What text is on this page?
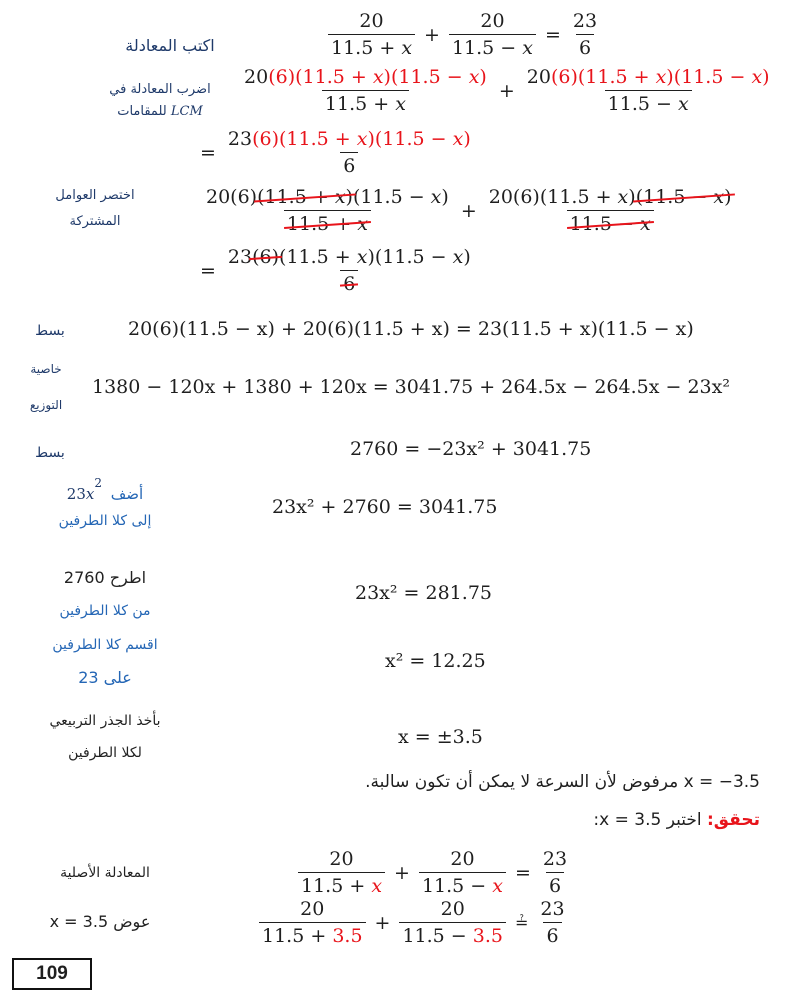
اكتب المعادلة	$\frac{20}{11.5 + x} + \frac{20}{11.5 - x} = \frac{23}{6}$
اضرب المعادلة في
LCM للمقامات	$\frac{20(6)(11.5 + x)(11.5 - x)}{11.5 + x} + \frac{20(6)(11.5 + x)(11.5 - x)}{11.5 - x}$
= $\frac{23(6)(11.5 + x)(11.5 - x)}{6}$
اختصر العوامل
المشتركة	$\frac{20(6)(11.5 + x)(11.5 - x)}{11.5 + x} + \frac{20(6)(11.5 + x)(11.5 - x)}{11.5 - x}$
= $\frac{23(6)(11.5 + x)(11.5 - x)}{6}$
بسط	20(6)(11.5 − x) + 20(6)(11.5 + x) = 23(11.5 + x)(11.5 − x)
خاصية
التوزيع
1380 − 120x + 1380 + 120x = 3041.75 + 264.5x − 264.5x − 23x²
بسط	2760 = −23x² + 3041.75
أضف $23x^2$
إلى كلا الطرفين
23x² + 2760 = 3041.75
اطرح 2760
من كلا الطرفين
23x² = 281.75
اقسم كلا الطرفين
على 23
x² = 12.25
بأخذ الجذر التربيعي
لكلا الطرفين
x = ±3.5
x = −3.5 مرفوض لأن السرعة لا يمكن أن تكون سالبة.
تحقق: اختبر x = 3.5:
المعادلة الأصلية	$\frac{20}{11.5 + x} + \frac{20}{11.5 - x} = \frac{23}{6}$
عوض x = 3.5	$\frac{20}{11.5 + 3.5} + \frac{20}{11.5 - 3.5}$ ≟ $\frac{23}{6}$
109
